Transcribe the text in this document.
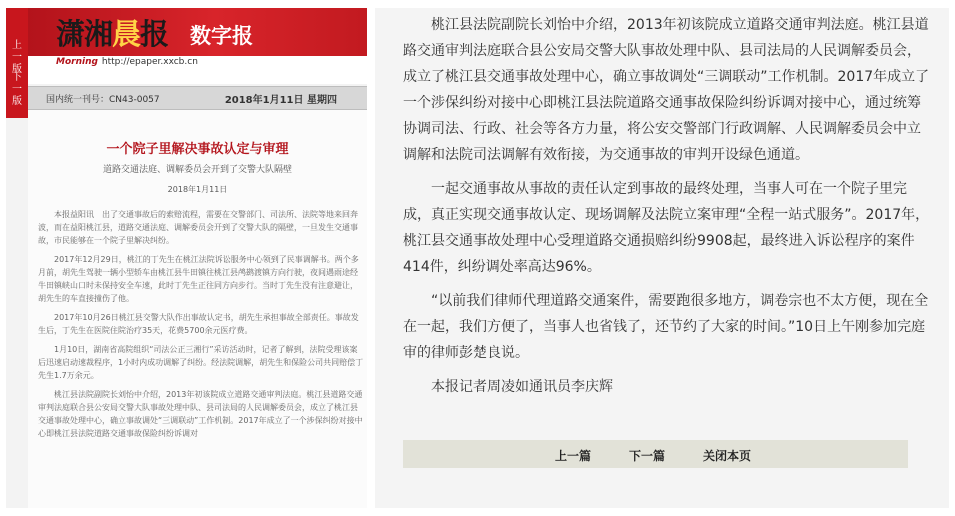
上一版
下一版
潇湘晨报 数字报
Morning http://epaper.xxcb.cn
国内统一刊号：CN43-0057	2018年1月11日 星期四
一个院子里解决事故认定与审理
道路交通法庭、调解委员会开到了交警大队隔壁
2018年1月11日

本报益阳讯　出了交通事故后的索赔流程，需要在交警部门、司法所、法院等地来回奔波，而在益阳桃江县，道路交通法庭、调解委员会开到了交警大队的隔壁，一旦发生交通事故，市民能够在一个院子里解决纠纷。

2017年12月29日，桃江的丁先生在桃江法院诉讼服务中心领到了民事调解书。两个多月前，胡先生驾驶一辆小型轿车由桃江县牛田镇往桃江县鸬鹚渡镇方向行驶，夜间遇雨途经牛田镇峡山口时未保持安全车速，此时丁先生正往同方向步行。当时丁先生没有注意避让，胡先生的车直接撞伤了他。

2017年10月26日桃江县交警大队作出事故认定书，胡先生承担事故全部责任。事故发生后，丁先生在医院住院治疗35天，花费5700余元医疗费。

1月10日，湖南省高院组织“司法公正三湘行”采访活动时，记者了解到，法院受理该案后迅速启动速裁程序，1小时内成功调解了纠纷。经法院调解，胡先生和保险公司共同赔偿丁先生1.7万余元。

桃江县法院副院长刘怡中介绍，2013年初该院成立道路交通审判法庭。桃江县道路交通审判法庭联合县公安局交警大队事故处理中队、县司法局的人民调解委员会，成立了桃江县交通事故处理中心，确立事故调处“三调联动”工作机制。2017年成立了一个涉保纠纷对接中心即桃江县法院道路交通事故保险纠纷诉调对

桃江县法院副院长刘怡中介绍，2013年初该院成立道路交通审判法庭。桃江县道路交通审判法庭联合县公安局交警大队事故处理中队、县司法局的人民调解委员会，成立了桃江县交通事故处理中心，确立事故调处“三调联动”工作机制。2017年成立了一个涉保纠纷对接中心即桃江县法院道路交通事故保险纠纷诉调对接中心，通过统筹协调司法、行政、社会等各方力量，将公安交警部门行政调解、人民调解委员会中立调解和法院司法调解有效衔接，为交通事故的审判开设绿色通道。

一起交通事故从事故的责任认定到事故的最终处理，当事人可在一个院子里完成，真正实现交通事故认定、现场调解及法院立案审理“全程一站式服务”。2017年，桃江县交通事故处理中心受理道路交通损赔纠纷9908起，最终进入诉讼程序的案件414件，纠纷调处率高达96%。

“以前我们律师代理道路交通案件，需要跑很多地方，调卷宗也不太方便，现在全在一起，我们方便了，当事人也省钱了，还节约了大家的时间。”10日上午刚参加完庭审的律师彭楚良说。

本报记者周凌如通讯员李庆辉

上一篇	下一篇	关闭本页
